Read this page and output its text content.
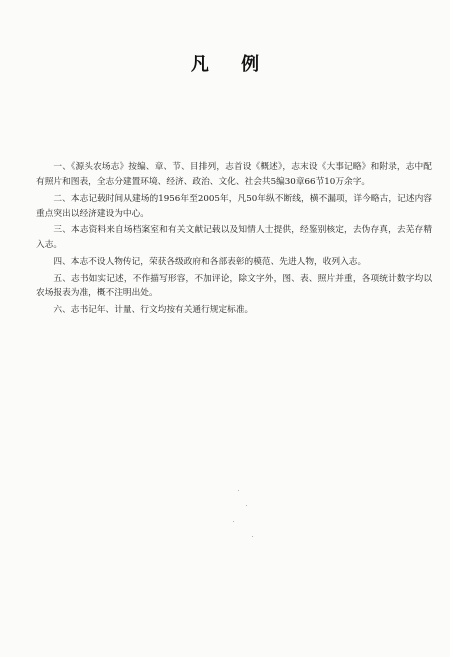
凡 例

一、《源头农场志》按编、章、节、目排列，志首设《概述》，志末设《大事记略》和附录，志中配有照片和图表，全志分建置环境、经济、政治、文化、社会共5编30章66节10万余字。

二、本志记载时间从建场的1956年至2005年，凡50年纵不断线，横不漏项，详今略古，记述内容重点突出以经济建设为中心。

三、本志资料来自场档案室和有关文献记载以及知情人士提供，经鉴别核定，去伪存真，去芜存精入志。

四、本志不设人物传记，荣获各级政府和各部表彰的模范、先进人物，收列入志。

五、志书如实记述，不作描写形容，不加评论，除文字外，图、表、照片并重，各项统计数字均以农场报表为准，概不注明出处。

六、志书记年、计量、行文均按有关通行规定标准。
